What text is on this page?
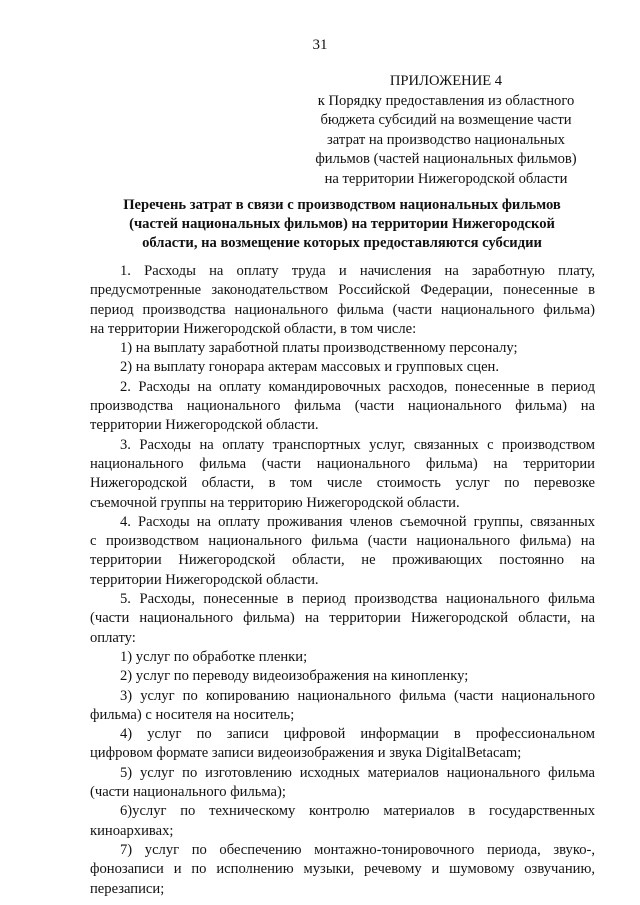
31
ПРИЛОЖЕНИЕ 4
к Порядку предоставления из областного
бюджета субсидий на возмещение части
затрат на производство национальных
фильмов (частей национальных фильмов)
на территории Нижегородской области
Перечень затрат в связи с производством национальных фильмов
(частей национальных фильмов) на территории Нижегородской
области, на возмещение которых предоставляются субсидии
1. Расходы на оплату труда и начисления на заработную плату,
предусмотренные законодательством Российской Федерации, понесенные в
период производства национального фильма (части национального фильма)
на территории Нижегородской области, в том числе:
1) на выплату заработной платы производственному персоналу;
2) на выплату гонорара актерам массовых и групповых сцен.
2. Расходы на оплату командировочных расходов, понесенные в период
производства национального фильма (части национального фильма) на
территории Нижегородской области.
3. Расходы на оплату транспортных услуг, связанных с производством
национального фильма (части национального фильма) на территории
Нижегородской области, в том числе стоимость услуг по перевозке
съемочной группы на территорию Нижегородской области.
4. Расходы на оплату проживания членов съемочной группы, связанных
с производством национального фильма (части национального фильма) на
территории Нижегородской области, не проживающих постоянно на
территории Нижегородской области.
5. Расходы, понесенные в период производства национального фильма
(части национального фильма) на территории Нижегородской области, на
оплату:
1) услуг по обработке пленки;
2) услуг по переводу видеоизображения на кинопленку;
3) услуг по копированию национального фильма (части национального
фильма) с носителя на носитель;
4) услуг по записи цифровой информации в профессиональном
цифровом формате записи видеоизображения и звука DigitalBetacam;
5) услуг по изготовлению исходных материалов национального фильма
(части национального фильма);
6)услуг по техническому контролю материалов в государственных
киноархивах;
7) услуг по обеспечению монтажно-тонировочного периода, звуко-,
фонозаписи и по исполнению музыки, речевому и шумовому озвучанию,
перезаписи;
